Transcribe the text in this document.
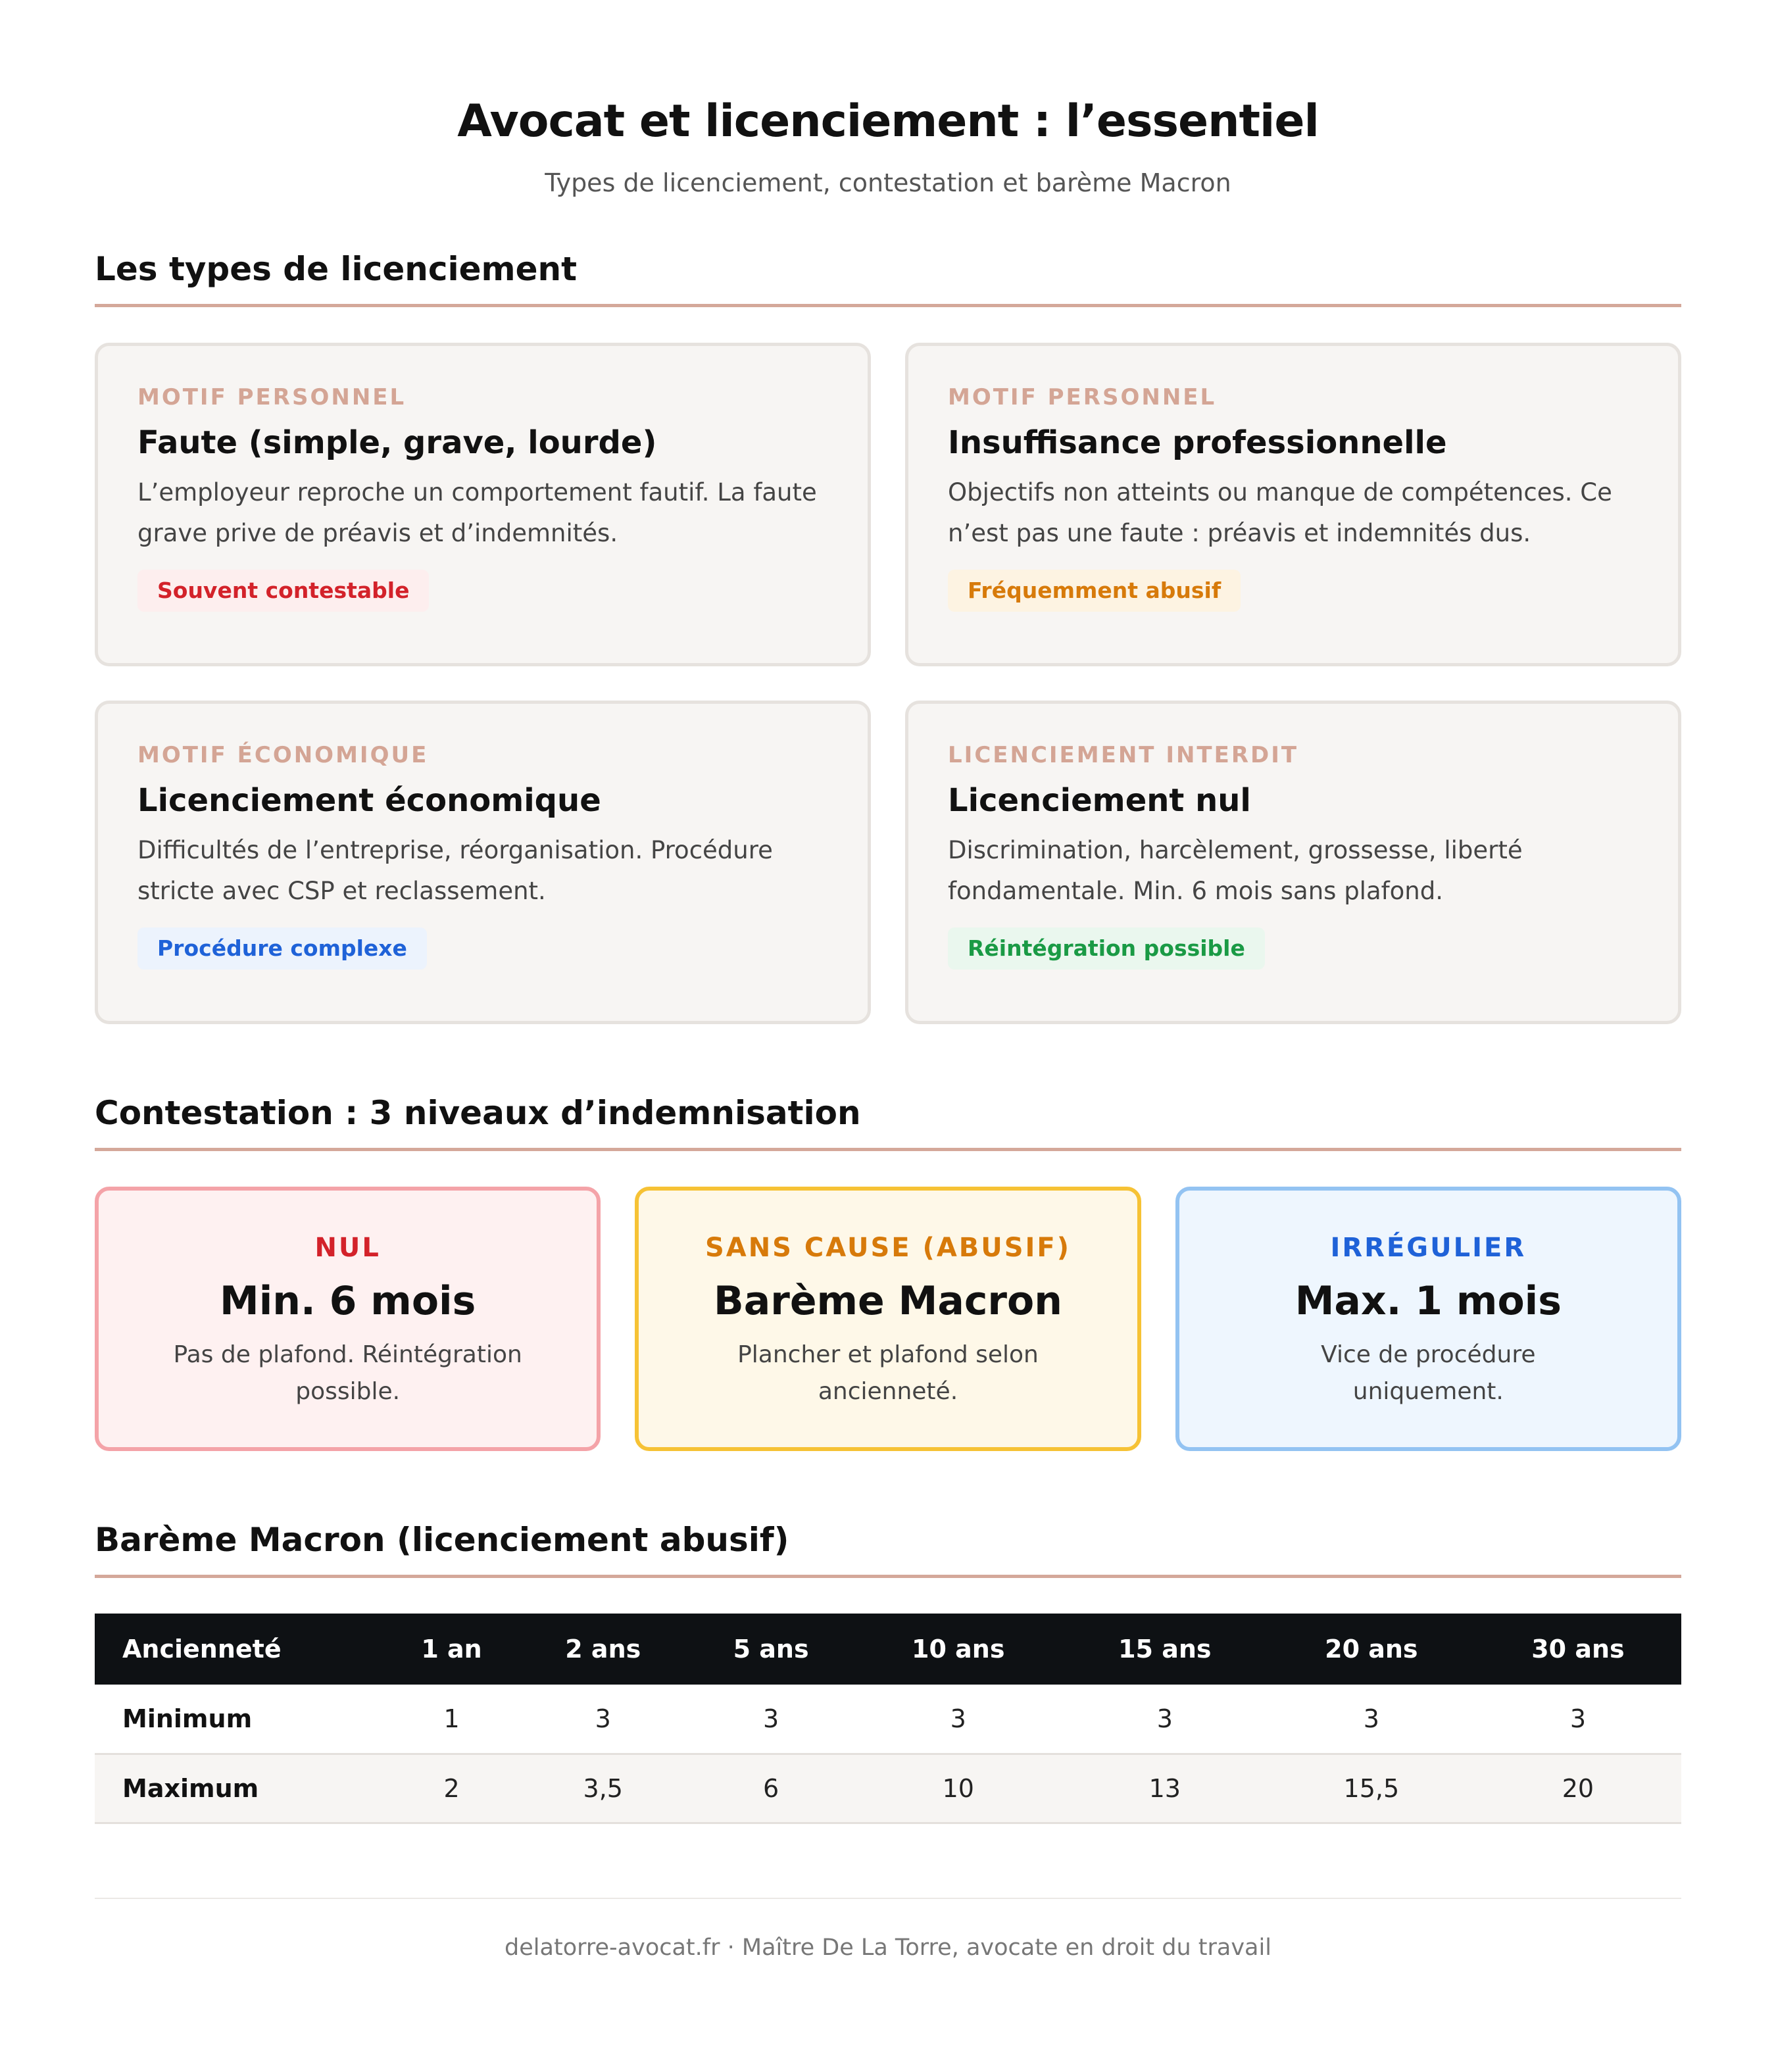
Avocat et licenciement : l’essentiel
Types de licenciement, contestation et barème Macron
Les types de licenciement
MOTIF PERSONNEL
Faute (simple, grave, lourde)
L’employeur reproche un comportement fautif. La faute grave prive de préavis et d’indemnités.
Souvent contestable
MOTIF PERSONNEL
Insuffisance professionnelle
Objectifs non atteints ou manque de compétences. Ce n’est pas une faute : préavis et indemnités dus.
Fréquemment abusif
MOTIF ÉCONOMIQUE
Licenciement économique
Difficultés de l’entreprise, réorganisation. Procédure stricte avec CSP et reclassement.
Procédure complexe
LICENCIEMENT INTERDIT
Licenciement nul
Discrimination, harcèlement, grossesse, liberté fondamentale. Min. 6 mois sans plafond.
Réintégration possible
Contestation : 3 niveaux d’indemnisation
NUL
Min. 6 mois
Pas de plafond. Réintégration possible.
SANS CAUSE (ABUSIF)
Barème Macron
Plancher et plafond selon ancienneté.
IRRÉGULIER
Max. 1 mois
Vice de procédure uniquement.
Barème Macron (licenciement abusif)
Ancienneté	1 an	2 ans	5 ans	10 ans	15 ans	20 ans	30 ans
Minimum	1	3	3	3	3	3	3
Maximum	2	3,5	6	10	13	15,5	20
delatorre-avocat.fr · Maître De La Torre, avocate en droit du travail
